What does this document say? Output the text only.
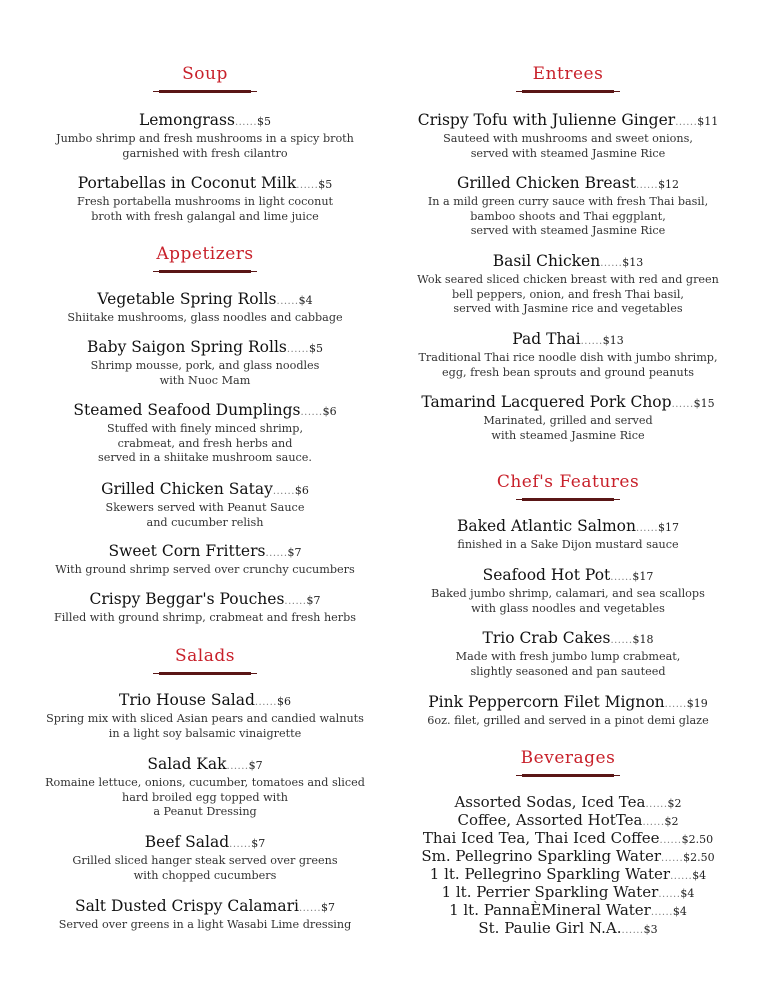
Soup
Lemongrass......$5
Jumbo shrimp and fresh mushrooms in a spicy broth
garnished with fresh cilantro
Portabellas in Coconut Milk......$5
Fresh portabella mushrooms in light coconut
broth with fresh galangal and lime juice
Appetizers
Vegetable Spring Rolls......$4
Shiitake mushrooms, glass noodles and cabbage
Baby Saigon Spring Rolls......$5
Shrimp mousse, pork, and glass noodles
with Nuoc Mam
Steamed Seafood Dumplings......$6
Stuffed with finely minced shrimp,
crabmeat, and fresh herbs and
served in a shiitake mushroom sauce.
Grilled Chicken Satay......$6
Skewers served with Peanut Sauce
and cucumber relish
Sweet Corn Fritters......$7
With ground shrimp served over crunchy cucumbers
Crispy Beggar's Pouches......$7
Filled with ground shrimp, crabmeat and fresh herbs
Salads
Trio House Salad......$6
Spring mix with sliced Asian pears and candied walnuts
in a light soy balsamic vinaigrette
Salad Kak......$7
Romaine lettuce, onions, cucumber, tomatoes and sliced
hard broiled egg topped with
a Peanut Dressing
Beef Salad......$7
Grilled sliced hanger steak served over greens
with chopped cucumbers
Salt Dusted Crispy Calamari......$7
Served over greens in a light Wasabi Lime dressing
Entrees
Crispy Tofu with Julienne Ginger......$11
Sauteed with mushrooms and sweet onions,
served with steamed Jasmine Rice
Grilled Chicken Breast......$12
In a mild green curry sauce with fresh Thai basil,
bamboo shoots and Thai eggplant,
served with steamed Jasmine Rice
Basil Chicken......$13
Wok seared sliced chicken breast with red and green
bell peppers, onion, and fresh Thai basil,
served with Jasmine rice and vegetables
Pad Thai......$13
Traditional Thai rice noodle dish with jumbo shrimp,
egg, fresh bean sprouts and ground peanuts
Tamarind Lacquered Pork Chop......$15
Marinated, grilled and served
with steamed Jasmine Rice
Chef's Features
Baked Atlantic Salmon......$17
finished in a Sake Dijon mustard sauce
Seafood Hot Pot......$17
Baked jumbo shrimp, calamari, and sea scallops
with glass noodles and vegetables
Trio Crab Cakes......$18
Made with fresh jumbo lump crabmeat,
slightly seasoned and pan sauteed
Pink Peppercorn Filet Mignon......$19
6oz. filet, grilled and served in a pinot demi glaze
Beverages
Assorted Sodas, Iced Tea......$2
Coffee, Assorted HotTea......$2
Thai Iced Tea, Thai Iced Coffee......$2.50
Sm. Pellegrino Sparkling Water......$2.50
1 lt. Pellegrino Sparkling Water......$4
1 lt. Perrier Sparkling Water......$4
1 lt. PannaÈMineral Water......$4
St. Paulie Girl N.A.......$3
